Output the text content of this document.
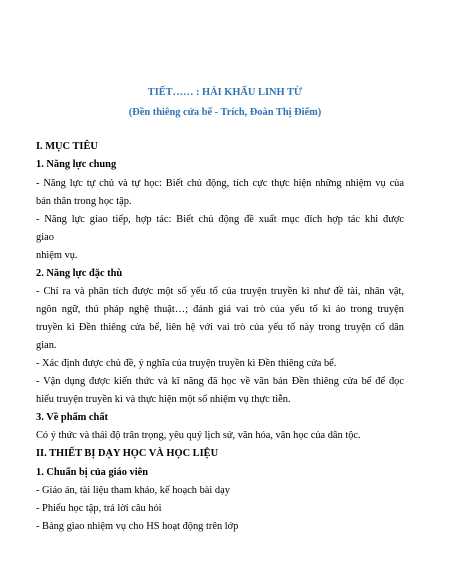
TIẾT…… : HÁI KHẨU LINH TỪ
(Đền thiêng cửa bể - Trích, Đoàn Thị Điểm)
I. MỤC TIÊU
1. Năng lực chung
- Năng lực tự chủ và tự học: Biết chủ động, tích cực thực hiện những nhiệm vụ của
bản thân trong học tập.
- Năng lực giao tiếp, hợp tác: Biết chủ động đề xuất mục đích hợp tác khi được
giao
nhiệm vụ.
2. Năng lực đặc thù
- Chỉ ra và phân tích được một số yếu tố của truyện truyền kì như đề tài, nhân vật,
ngôn ngữ, thủ pháp nghệ thuật…; đánh giá vai trò của yếu tố kì ảo trong truyện
truyền kì Đền thiêng cửa bể, liên hệ với vai trò của yếu tố này trong truyện cổ dân
gian.
- Xác định được chủ đề, ý nghĩa của truyện truyền kì Đền thiêng cửa bể.
- Vận dụng được kiến thức và kĩ năng đã học về văn bản Đền thiêng cửa bể để đọc
hiểu truyện truyền kì và thực hiện một số nhiệm vụ thực tiễn.
3. Về phẩm chất
Có ý thức và thái độ trân trọng, yêu quý lịch sử, văn hóa, văn học của dân tộc.
II. THIẾT BỊ DẠY HỌC VÀ HỌC LIỆU
1. Chuẩn bị của giáo viên
- Giáo án, tài liệu tham khảo, kế hoạch bài dạy
- Phiếu học tập, trả lời câu hỏi
- Bảng giao nhiệm vụ cho HS hoạt động trên lớp
